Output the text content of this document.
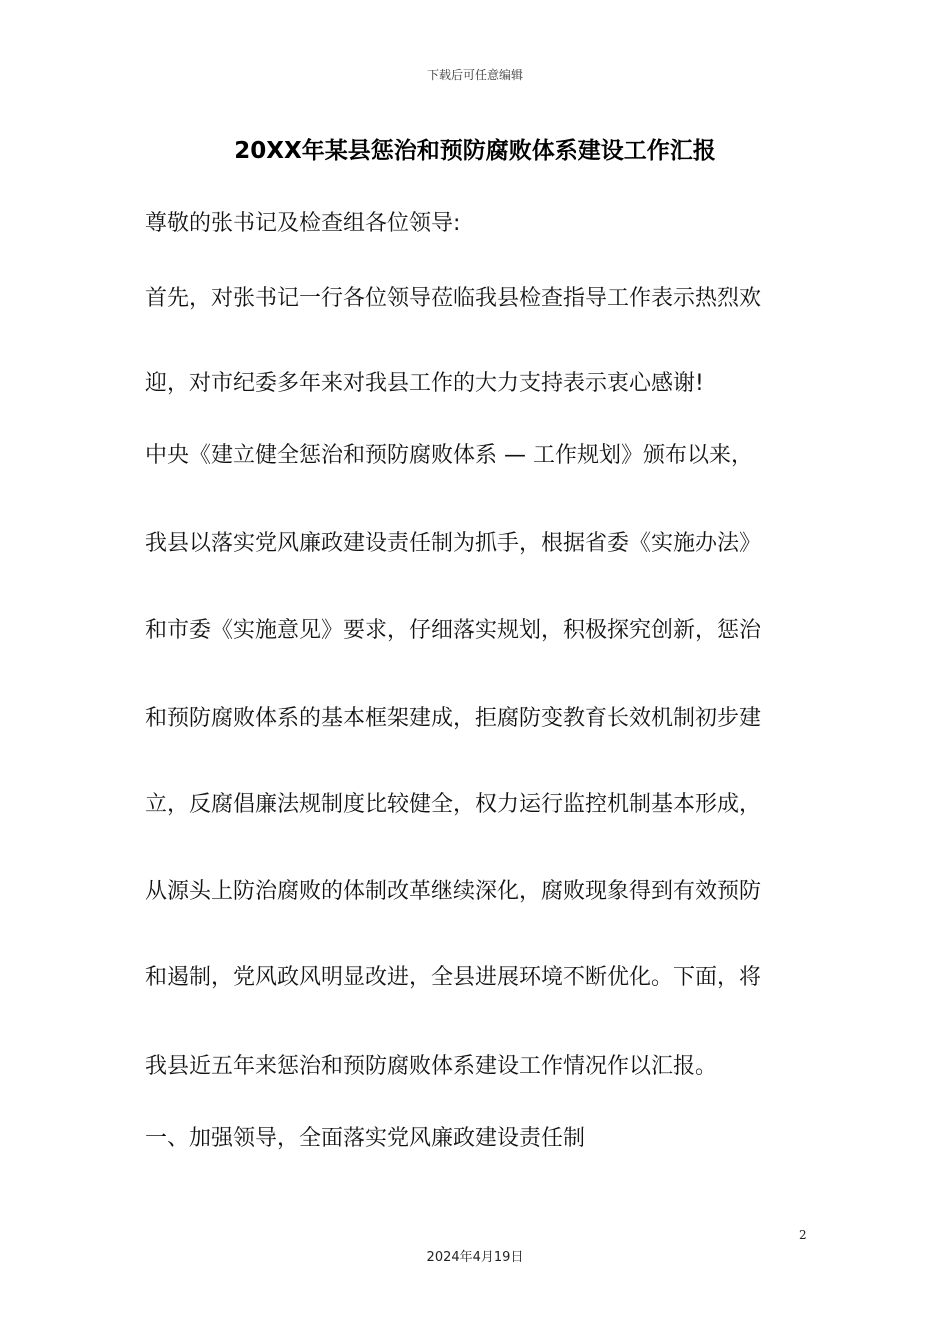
下载后可任意编辑
20XX年某县惩治和预防腐败体系建设工作汇报
尊敬的张书记及检查组各位领导:
首先，对张书记一行各位领导莅临我县检查指导工作表示热烈欢
迎，对市纪委多年来对我县工作的大力支持表示衷心感谢!
中央《建立健全惩治和预防腐败体系 — 工作规划》颁布以来，
我县以落实党风廉政建设责任制为抓手，根据省委《实施办法》
和市委《实施意见》要求，仔细落实规划，积极探究创新，惩治
和预防腐败体系的基本框架建成，拒腐防变教育长效机制初步建
立，反腐倡廉法规制度比较健全，权力运行监控机制基本形成，
从源头上防治腐败的体制改革继续深化，腐败现象得到有效预防
和遏制，党风政风明显改进，全县进展环境不断优化。下面，将
我县近五年来惩治和预防腐败体系建设工作情况作以汇报。
一、加强领导，全面落实党风廉政建设责任制
2
2024年4月19日
